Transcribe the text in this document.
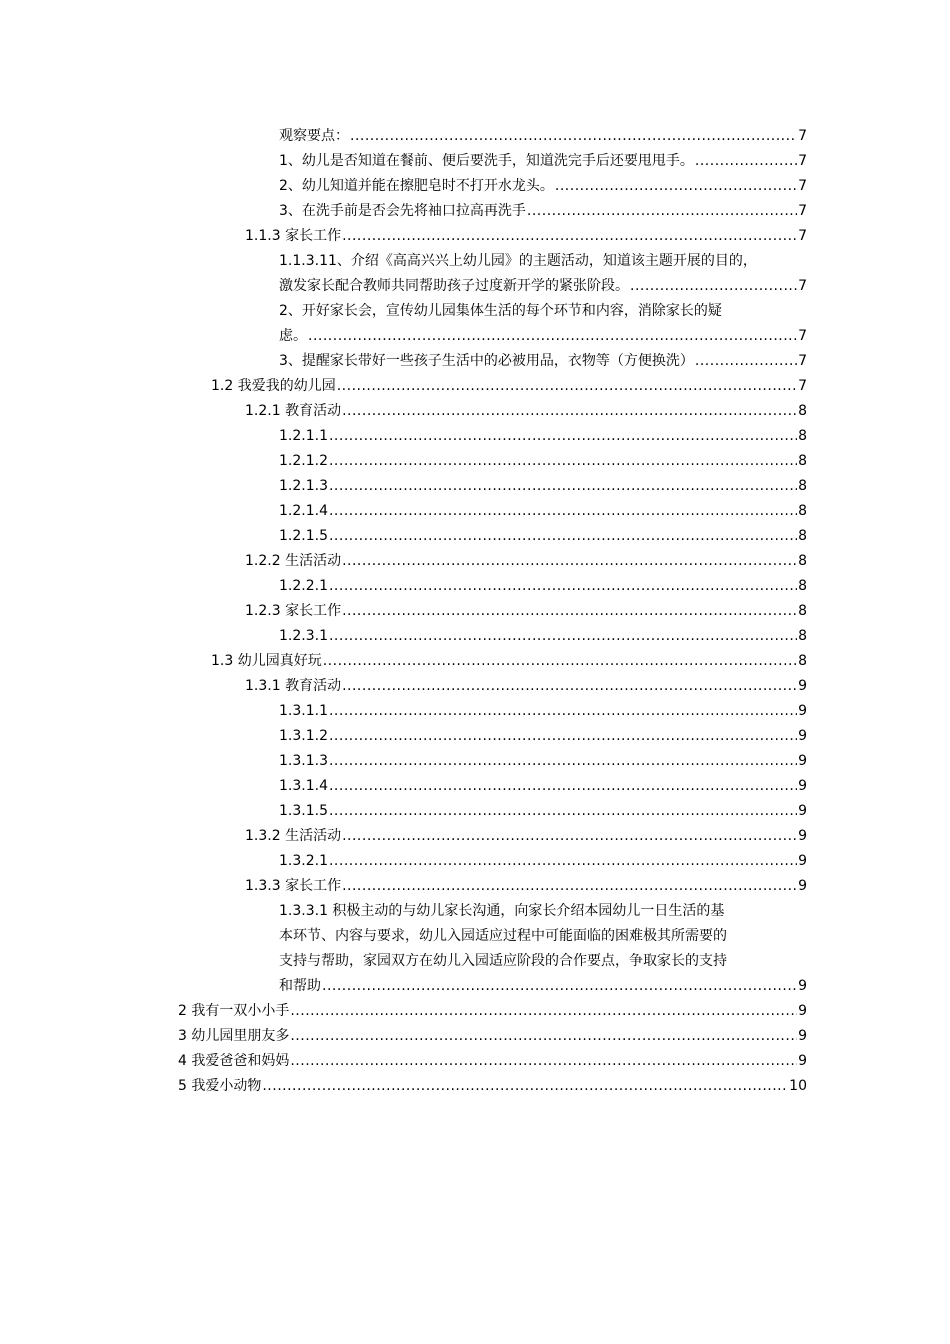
观察要点： .....	7
1、幼儿是否知道在餐前、便后要洗手，知道洗完手后还要甩甩手。 .....	7
2、幼儿知道并能在擦肥皂时不打开水龙头。 .....	7
3、在洗手前是否会先将袖口拉高再洗手 .....	7
1.1.3 家长工作 .....	7
1.1.3.11、介绍《高高兴兴上幼儿园》的主题活动，知道该主题开展的目的，
激发家长配合教师共同帮助孩子过度新开学的紧张阶段。 .....	7
2、开好家长会，宣传幼儿园集体生活的每个环节和内容，消除家长的疑
虑。 .....	7
3、提醒家长带好一些孩子生活中的必被用品，衣物等（方便换洗） .....	7
1.2 我爱我的幼儿园 .....	7
1.2.1 教育活动 .....	8
1.2.1.1 .....	8
1.2.1.2 .....	8
1.2.1.3 .....	8
1.2.1.4 .....	8
1.2.1.5 .....	8
1.2.2 生活活动 .....	8
1.2.2.1 .....	8
1.2.3 家长工作 .....	8
1.2.3.1 .....	8
1.3 幼儿园真好玩 .....	8
1.3.1 教育活动 .....	9
1.3.1.1 .....	9
1.3.1.2 .....	9
1.3.1.3 .....	9
1.3.1.4 .....	9
1.3.1.5 .....	9
1.3.2 生活活动 .....	9
1.3.2.1 .....	9
1.3.3 家长工作 .....	9
1.3.3.1 积极主动的与幼儿家长沟通，向家长介绍本园幼儿一日生活的基
本环节、内容与要求，幼儿入园适应过程中可能面临的困难极其所需要的
支持与帮助，家园双方在幼儿入园适应阶段的合作要点，争取家长的支持
和帮助 .....	9
2 我有一双小小手 .....	9
3 幼儿园里朋友多 .....	9
4 我爱爸爸和妈妈 .....	9
5 我爱小动物 .....	10
